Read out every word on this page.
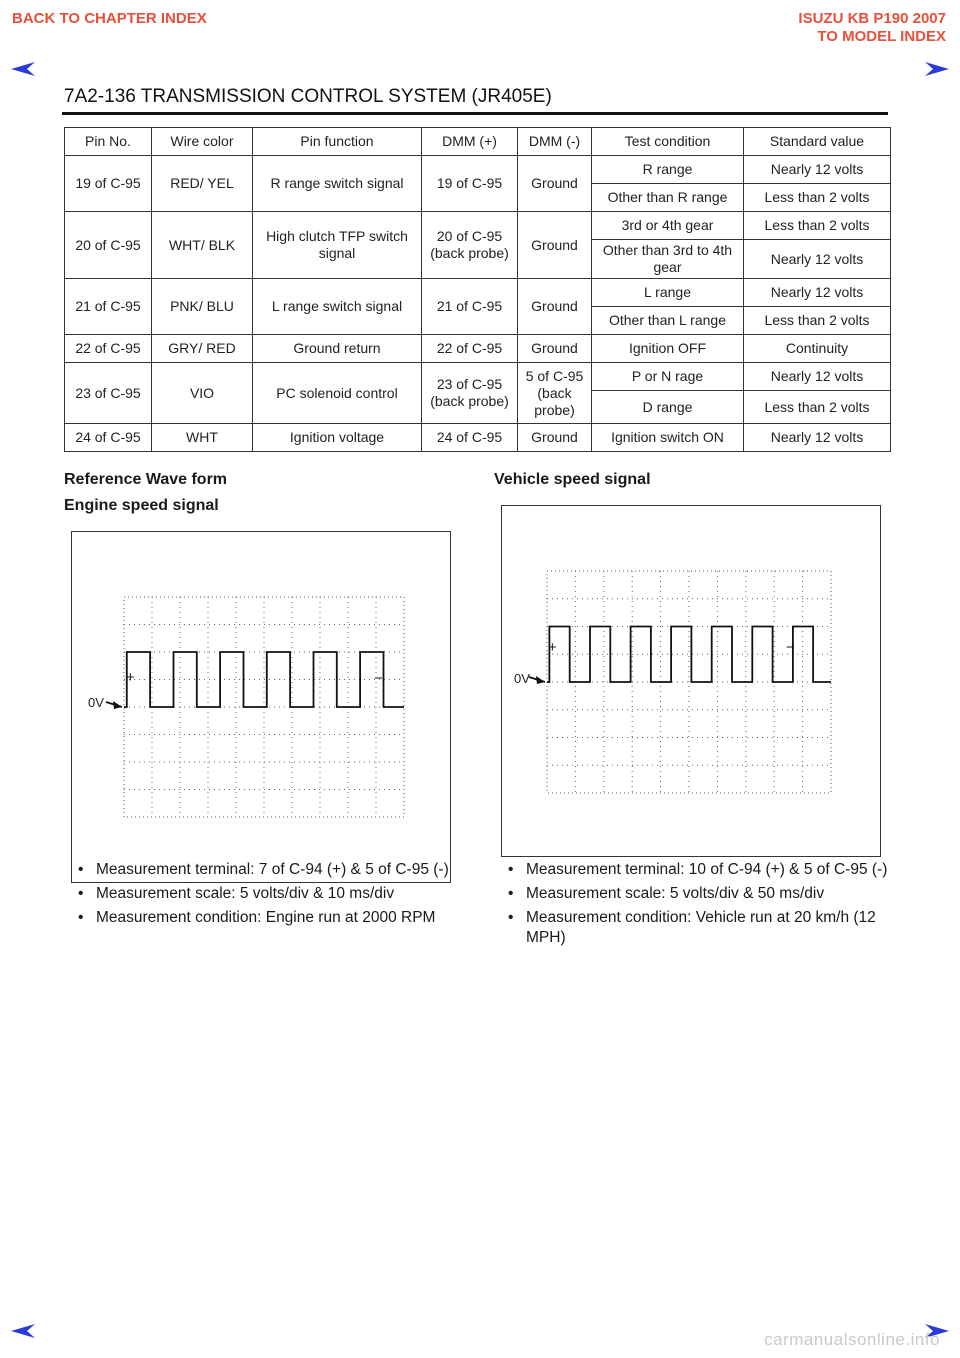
BACK TO CHAPTER INDEX	ISUZU KB P190 2007
TO MODEL INDEX
7A2-136 TRANSMISSION CONTROL SYSTEM (JR405E)
Pin No.	Wire color	Pin function	DMM (+)	DMM (-)	Test condition	Standard value
19 of C-95	RED/ YEL	R range switch signal	19 of C-95	Ground	R range	Nearly 12 volts
					Other than R range	Less than 2 volts
20 of C-95	WHT/ BLK	High clutch TFP switch signal	20 of C-95 (back probe)	Ground	3rd or 4th gear	Less than 2 volts
					Other than 3rd to 4th gear	Nearly 12 volts
21 of C-95	PNK/ BLU	L range switch signal	21 of C-95	Ground	L range	Nearly 12 volts
					Other than L range	Less than 2 volts
22 of C-95	GRY/ RED	Ground return	22 of C-95	Ground	Ignition OFF	Continuity
23 of C-95	VIO	PC solenoid control	23 of C-95 (back probe)	5 of C-95 (back probe)	P or N rage	Nearly 12 volts
					D range	Less than 2 volts
24 of C-95	WHT	Ignition voltage	24 of C-95	Ground	Ignition switch ON	Nearly 12 volts
Reference Wave form
Engine speed signal
0V
+	−
• Measurement terminal: 7 of C-94 (+) & 5 of C-95 (-)
• Measurement scale: 5 volts/div & 10 ms/div
• Measurement condition: Engine run at 2000 RPM
Vehicle speed signal
0V
+	−
• Measurement terminal: 10 of C-94 (+) & 5 of C-95 (-)
• Measurement scale: 5 volts/div & 50 ms/div
• Measurement condition: Vehicle run at 20 km/h (12 MPH)
carmanualsonline.info
